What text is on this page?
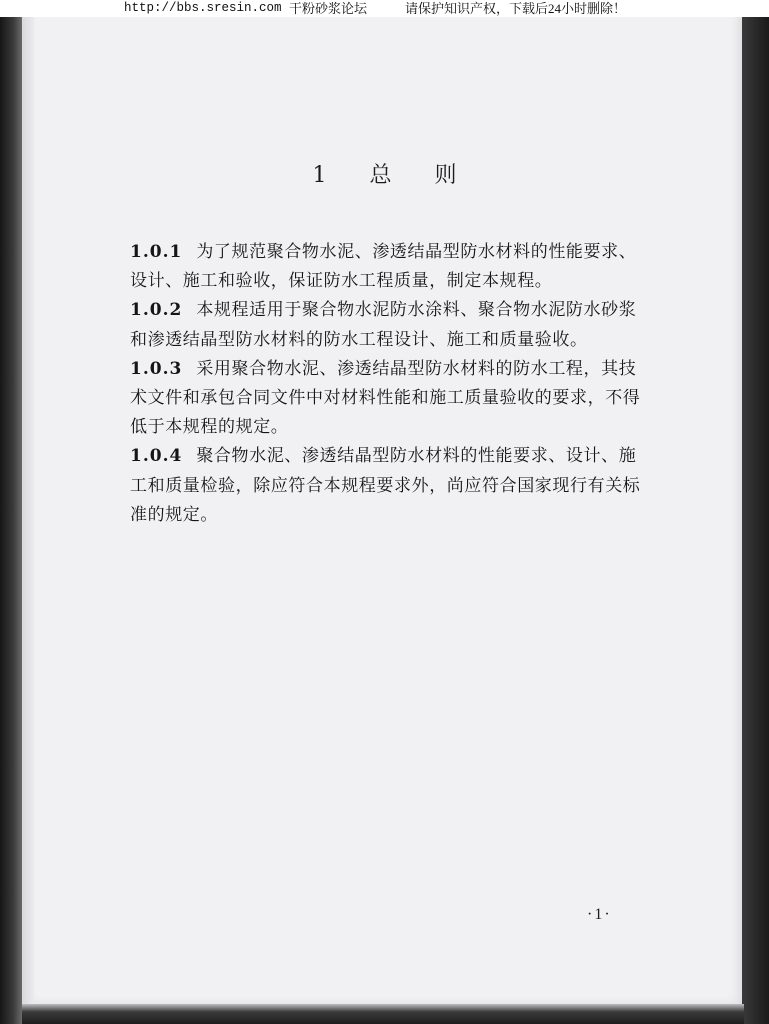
http://bbs.sresin.com 干粉砂浆论坛	请保护知识产权，下载后24小时删除！
1 总 则

1.0.1 为了规范聚合物水泥、渗透结晶型防水材料的性能要求、设计、施工和验收，保证防水工程质量，制定本规程。

1.0.2 本规程适用于聚合物水泥防水涂料、聚合物水泥防水砂浆和渗透结晶型防水材料的防水工程设计、施工和质量验收。

1.0.3 采用聚合物水泥、渗透结晶型防水材料的防水工程，其技术文件和承包合同文件中对材料性能和施工质量验收的要求，不得低于本规程的规定。

1.0.4 聚合物水泥、渗透结晶型防水材料的性能要求、设计、施工和质量检验，除应符合本规程要求外，尚应符合国家现行有关标准的规定。

·1·
